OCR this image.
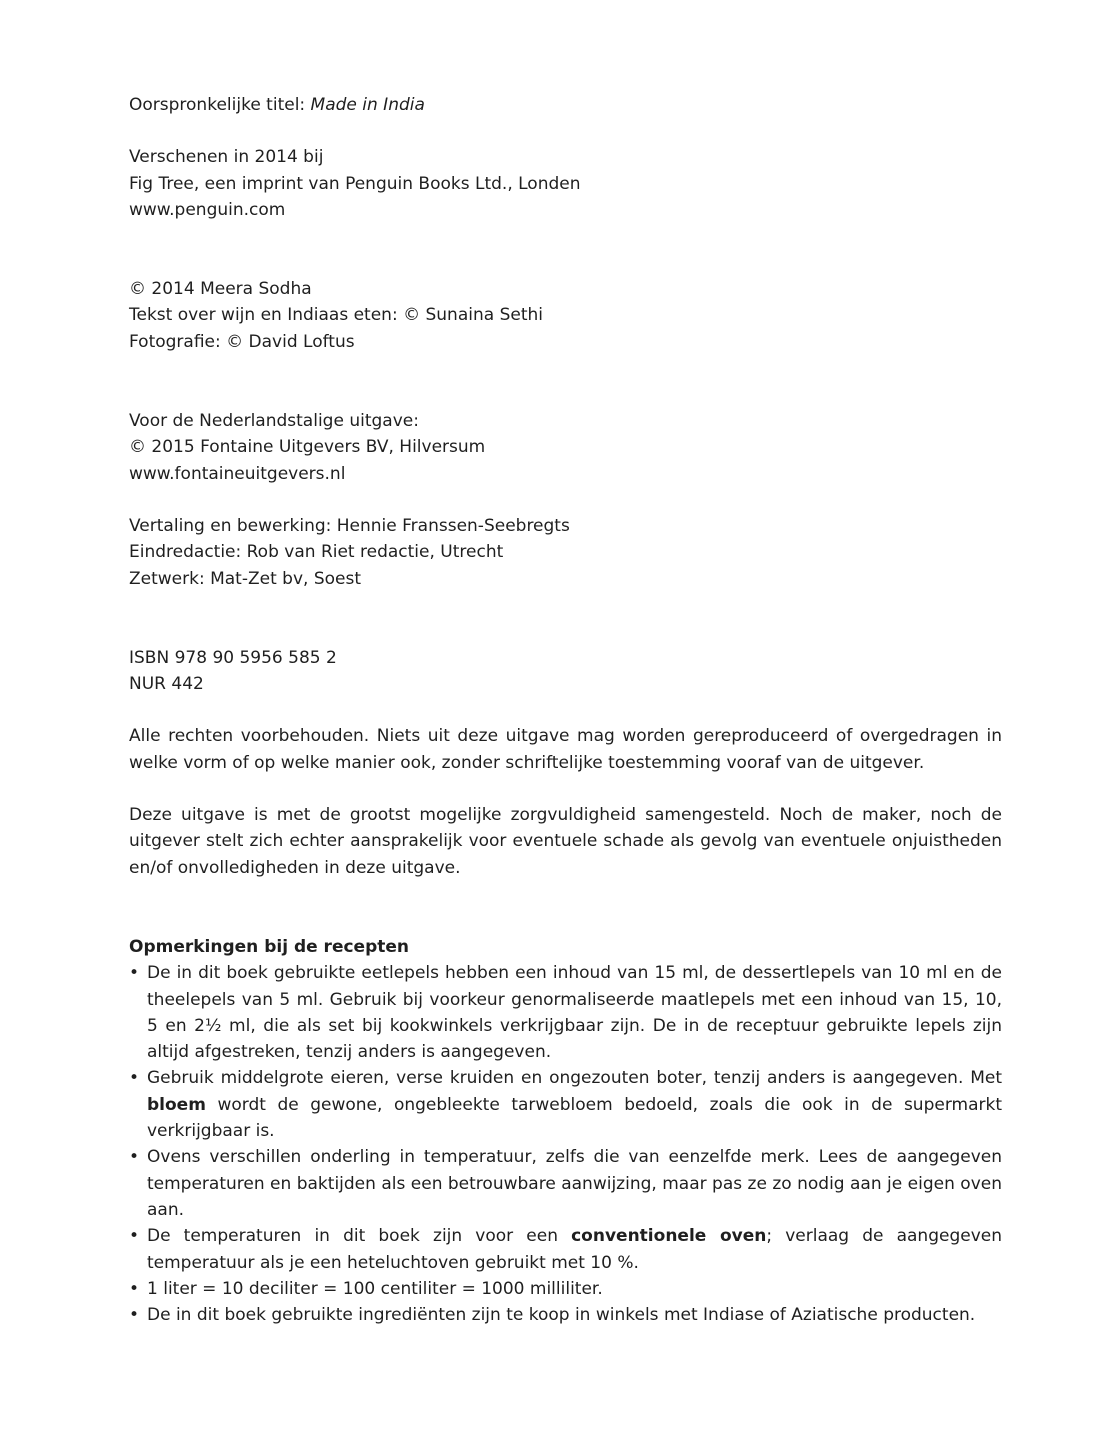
Oorspronkelijke titel: Made in India
Verschenen in 2014 bij
Fig Tree, een imprint van Penguin Books Ltd., Londen
www.penguin.com
© 2014 Meera Sodha
Tekst over wijn en Indiaas eten: © Sunaina Sethi
Fotografie: © David Loftus
Voor de Nederlandstalige uitgave:
© 2015 Fontaine Uitgevers BV, Hilversum
www.fontaineuitgevers.nl
Vertaling en bewerking: Hennie Franssen-Seebregts
Eindredactie: Rob van Riet redactie, Utrecht
Zetwerk: Mat-Zet bv, Soest
ISBN 978 90 5956 585 2
NUR 442

Alle rechten voorbehouden. Niets uit deze uitgave mag worden gereproduceerd of overgedragen in welke vorm of op welke manier ook, zonder schriftelijke toestemming vooraf van de uitgever.

Deze uitgave is met de grootst mogelijke zorgvuldigheid samengesteld. Noch de maker, noch de uitgever stelt zich echter aansprakelijk voor eventuele schade als gevolg van eventuele onjuistheden en/of onvolledigheden in deze uitgave.

Opmerkingen bij de recepten
• De in dit boek gebruikte eetlepels hebben een inhoud van 15 ml, de dessertlepels van 10 ml en de theelepels van 5 ml. Gebruik bij voorkeur genormaliseerde maatlepels met een inhoud van 15, 10, 5 en 2½ ml, die als set bij kookwinkels verkrijgbaar zijn. De in de receptuur gebruikte lepels zijn altijd afgestreken, tenzij anders is aangegeven.
• Gebruik middelgrote eieren, verse kruiden en ongezouten boter, tenzij anders is aangegeven. Met bloem wordt de gewone, ongebleekte tarwebloem bedoeld, zoals die ook in de supermarkt verkrijgbaar is.
• Ovens verschillen onderling in temperatuur, zelfs die van eenzelfde merk. Lees de aangegeven temperaturen en baktijden als een betrouwbare aanwijzing, maar pas ze zo nodig aan je eigen oven aan.
• De temperaturen in dit boek zijn voor een conventionele oven; verlaag de aangegeven temperatuur als je een heteluchtoven gebruikt met 10 %.
• 1 liter = 10 deciliter = 100 centiliter = 1000 milliliter.
• De in dit boek gebruikte ingrediënten zijn te koop in winkels met Indiase of Aziatische producten.
